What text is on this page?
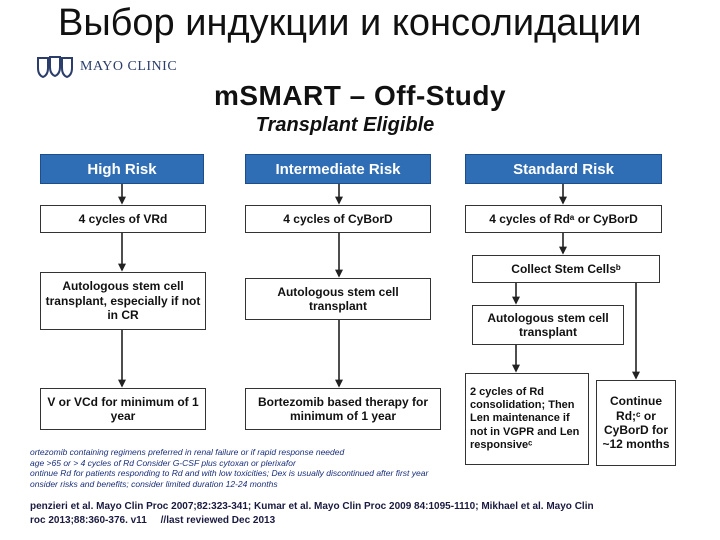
Выбор индукции и консолидации
MAYO CLINIC
mSMART – Off-Study
Transplant Eligible
High Risk	Intermediate Risk	Standard Risk
4 cycles of VRd
Autologous stem cell transplant, especially if not in CR
V or VCd for minimum of 1 year
4 cycles of CyBorD
Autologous stem cell transplant
Bortezomib based therapy for minimum of 1 year
4 cycles of Rdᵃ or CyBorD
Collect Stem Cellsᵇ
Autologous stem cell transplant
2 cycles of Rd consolidation; Then Len maintenance if not in VGPR and Len responsiveᶜ
Continue Rd;ᶜ or CyBorD for ~12 months
ortezomib containing regimens preferred in renal failure or if rapid response needed
age >65 or > 4 cycles of Rd Consider G-CSF plus cytoxan or plerixafor
ontinue Rd for patients responding to Rd and with low toxicities; Dex is usually discontinued after first year
onsider risks and benefits; consider limited duration 12-24 months
penzieri et al. Mayo Clin Proc 2007;82:323-341; Kumar et al. Mayo Clin Proc 2009 84:1095-1110; Mikhael et al. Mayo Clin
roc 2013;88:360-376. v11     //last reviewed Dec 2013
